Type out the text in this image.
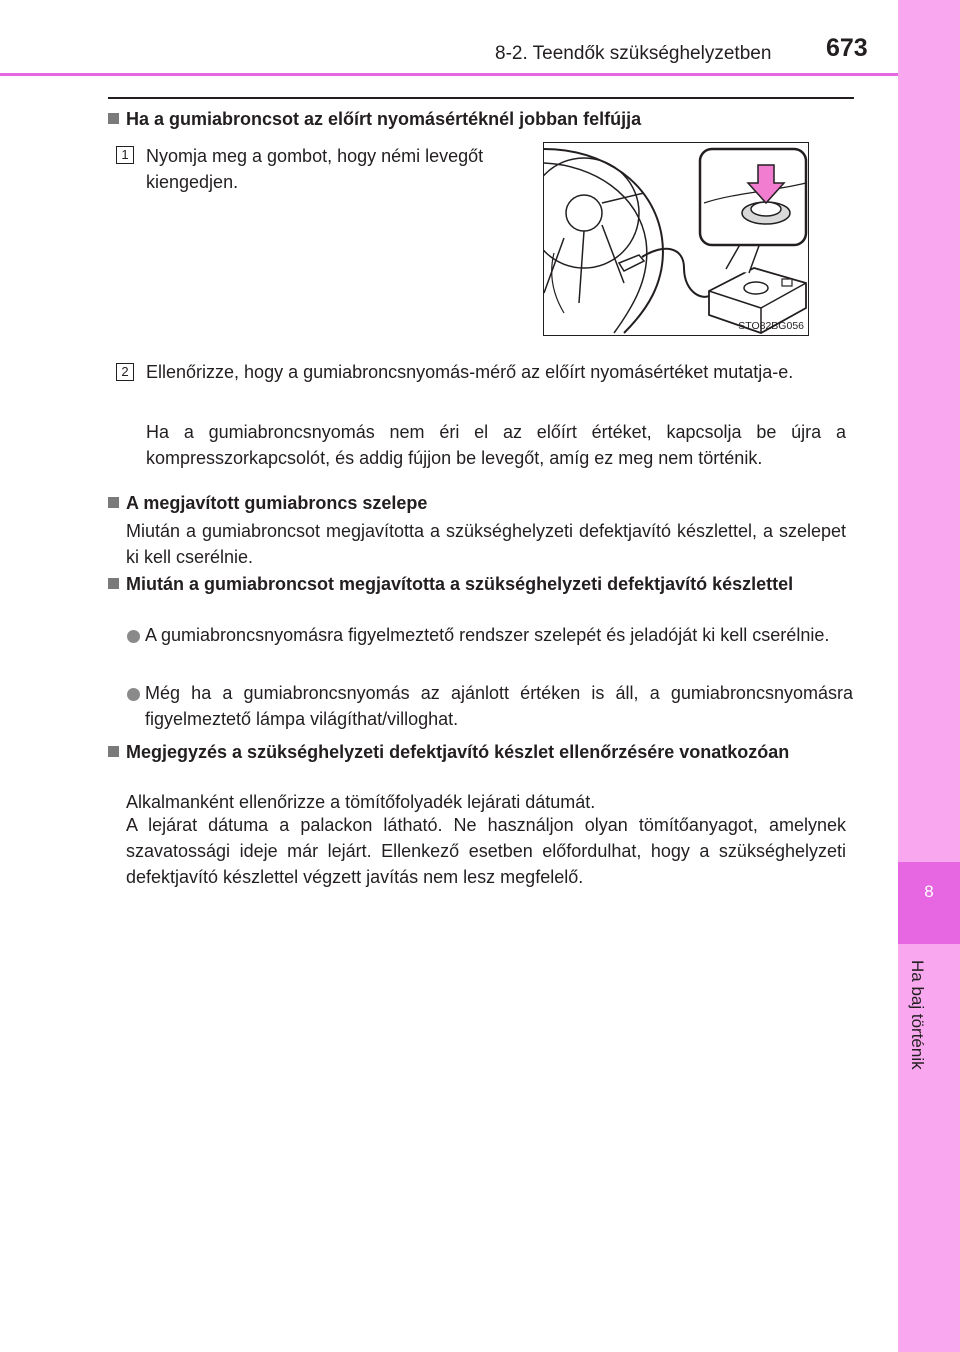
8
Ha baj történik
8-2. Teendők szükséghelyzetben 673
Ha a gumiabroncsot az előírt nyomásértéknél jobban felfújja
1 Nyomja meg a gombot, hogy némi levegőt kiengedjen.
STO82BG056
2 Ellenőrizze, hogy a gumiabroncsnyomás-mérő az előírt nyomásértéket mutatja-e.
Ha a gumiabroncsnyomás nem éri el az előírt értéket, kapcsolja be újra a kompresszorkapcsolót, és addig fújjon be levegőt, amíg ez meg nem történik.
A megjavított gumiabroncs szelepe
Miután a gumiabroncsot megjavította a szükséghelyzeti defektjavító készlettel, a szelepet ki kell cserélnie.
Miután a gumiabroncsot megjavította a szükséghelyzeti defektjavító készlettel
A gumiabroncsnyomásra figyelmeztető rendszer szelepét és jeladóját ki kell cserélnie.
Még ha a gumiabroncsnyomás az ajánlott értéken is áll, a gumiabroncsnyomásra figyelmeztető lámpa világíthat/villoghat.
Megjegyzés a szükséghelyzeti defektjavító készlet ellenőrzésére vonatkozóan
Alkalmanként ellenőrizze a tömítőfolyadék lejárati dátumát.
A lejárat dátuma a palackon látható. Ne használjon olyan tömítőanyagot, amelynek szavatossági ideje már lejárt. Ellenkező esetben előfordulhat, hogy a szükséghelyzeti defektjavító készlettel végzett javítás nem lesz megfelelő.
